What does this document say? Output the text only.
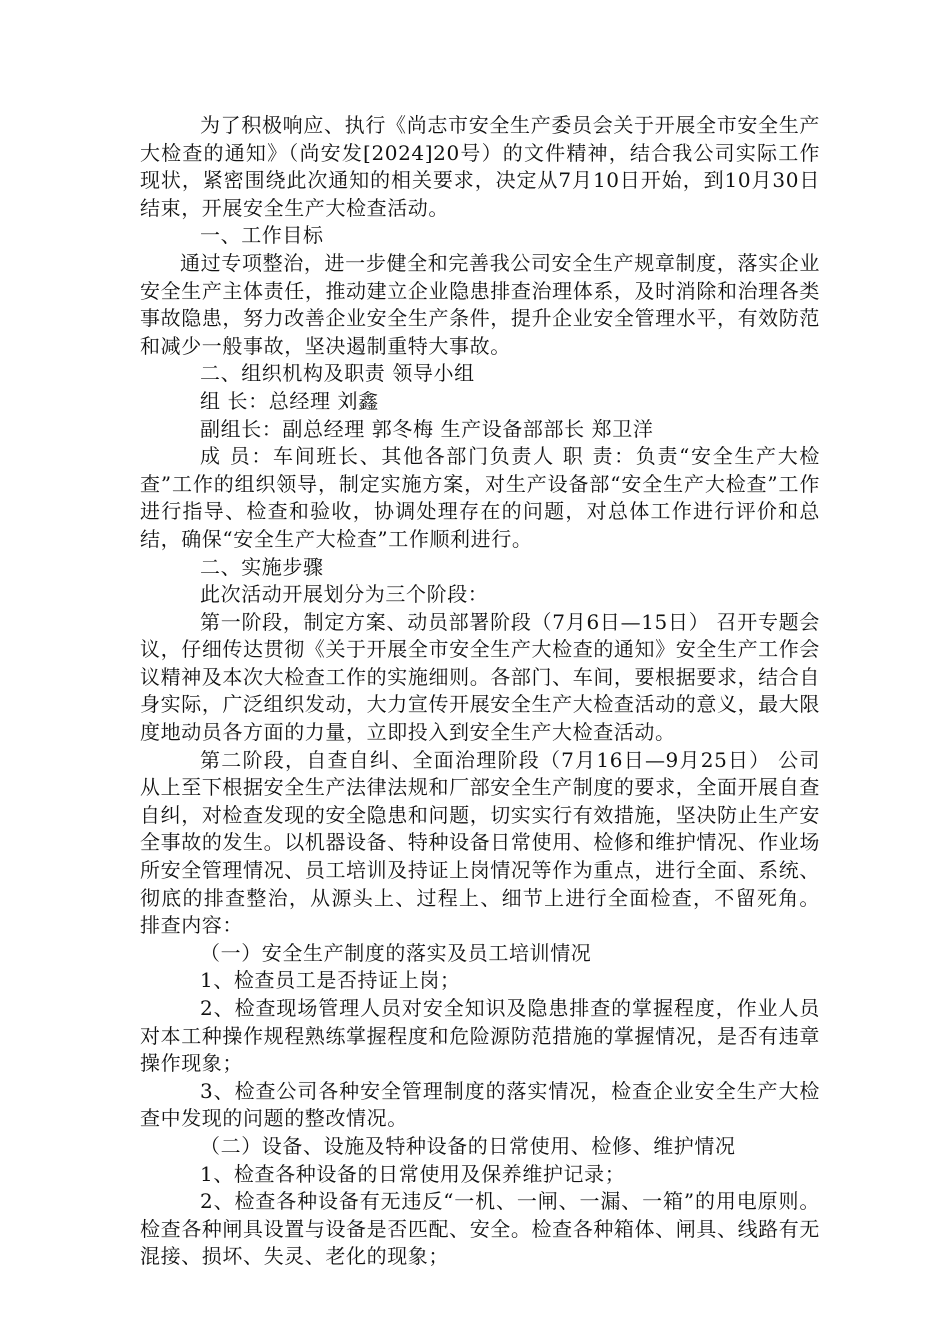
为了积极响应、执行《尚志市安全生产委员会关于开展全市安全生产大检查的通知》（尚安发[2024]20号）的文件精神，结合我公司实际工作现状，紧密围绕此次通知的相关要求，决定从7月10日开始，到10月30日结束，开展安全生产大检查活动。

一、工作目标

通过专项整治，进一步健全和完善我公司安全生产规章制度，落实企业安全生产主体责任，推动建立企业隐患排查治理体系，及时消除和治理各类事故隐患，努力改善企业安全生产条件，提升企业安全管理水平，有效防范和减少一般事故，坚决遏制重特大事故。

二、组织机构及职责 领导小组

组 长：总经理 刘鑫

副组长：副总经理 郭冬梅 生产设备部部长 郑卫洋

成 员：车间班长、其他各部门负责人 职 责：负责“安全生产大检查”工作的组织领导，制定实施方案，对生产设备部“安全生产大检查”工作进行指导、检查和验收，协调处理存在的问题，对总体工作进行评价和总结，确保“安全生产大检查”工作顺利进行。

二、实施步骤

此次活动开展划分为三个阶段：

第一阶段，制定方案、动员部署阶段（7月6日—15日） 召开专题会议，仔细传达贯彻《关于开展全市安全生产大检查的通知》安全生产工作会议精神及本次大检查工作的实施细则。各部门、车间，要根据要求，结合自身实际，广泛组织发动，大力宣传开展安全生产大检查活动的意义，最大限度地动员各方面的力量，立即投入到安全生产大检查活动。

第二阶段，自查自纠、全面治理阶段（7月16日—9月25日） 公司从上至下根据安全生产法律法规和厂部安全生产制度的要求，全面开展自查自纠，对检查发现的安全隐患和问题，切实实行有效措施，坚决防止生产安全事故的发生。以机器设备、特种设备日常使用、检修和维护情况、作业场所安全管理情况、员工培训及持证上岗情况等作为重点，进行全面、系统、彻底的排查整治，从源头上、过程上、细节上进行全面检查，不留死角。 排查内容：

（一）安全生产制度的落实及员工培训情况

1、检查员工是否持证上岗；

2、检查现场管理人员对安全知识及隐患排查的掌握程度，作业人员对本工种操作规程熟练掌握程度和危险源防范措施的掌握情况，是否有违章操作现象；

3、检查公司各种安全管理制度的落实情况，检查企业安全生产大检查中发现的问题的整改情况。

（二）设备、设施及特种设备的日常使用、检修、维护情况

1、检查各种设备的日常使用及保养维护记录；

2、检查各种设备有无违反“一机、一闸、一漏、一箱”的用电原则。检查各种闸具设置与设备是否匹配、安全。检查各种箱体、闸具、线路有无混接、损坏、失灵、老化的现象；
